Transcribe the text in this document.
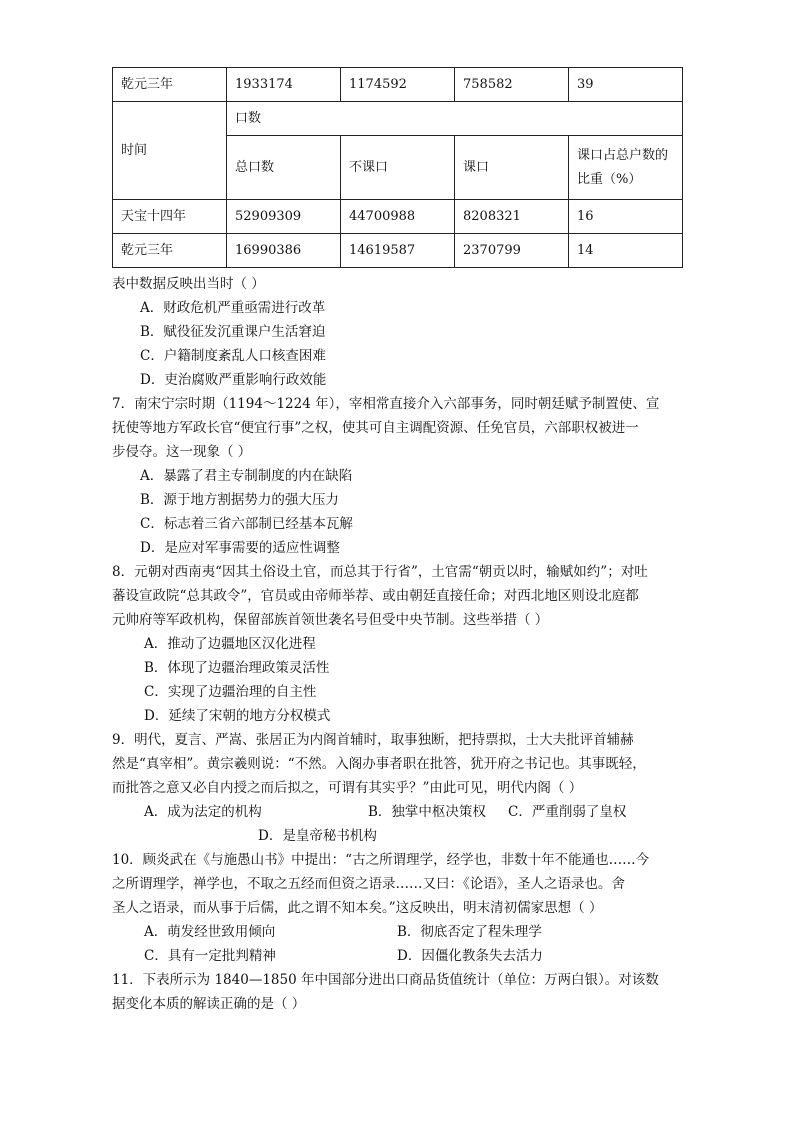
乾元三年	1933174	1174592	758582	39
时间	口数			
	总口数	不课口	课口	课口占总户数的比重（%）
天宝十四年	52909309	44700988	8208321	16
乾元三年	16990386	14619587	2370799	14
表中数据反映出当时（ ）
A．财政危机严重亟需进行改革
B．赋役征发沉重课户生活窘迫
C．户籍制度紊乱人口核查困难
D．吏治腐败严重影响行政效能
7．南宋宁宗时期（1194～1224 年），宰相常直接介入六部事务，同时朝廷赋予制置使、宣
抚使等地方军政长官“便宜行事”之权，使其可自主调配资源、任免官员，六部职权被进一
步侵夺。这一现象（ ）
A．暴露了君主专制制度的内在缺陷
B．源于地方割据势力的强大压力
C．标志着三省六部制已经基本瓦解
D．是应对军事需要的适应性调整
8．元朝对西南夷“因其土俗设土官，而总其于行省”，土官需“朝贡以时，输赋如约”；对吐
蕃设宣政院“总其政令”，官员或由帝师举荐、或由朝廷直接任命；对西北地区则设北庭都
元帅府等军政机构，保留部族首领世袭名号但受中央节制。这些举措（ ）
A．推动了边疆地区汉化进程
B．体现了边疆治理政策灵活性
C．实现了边疆治理的自主性
D．延续了宋朝的地方分权模式
9．明代，夏言、严嵩、张居正为内阁首辅时，取事独断，把持票拟，士大夫批评首辅赫
然是“真宰相”。黄宗羲则说：“不然。入阁办事者职在批答，犹开府之书记也。其事既轻，
而批答之意又必自内授之而后拟之，可谓有其实乎？”由此可见，明代内阁（ ）
A．成为法定的机构	B．独掌中枢决策权	C．严重削弱了皇权
D．是皇帝秘书机构
10．顾炎武在《与施愚山书》中提出：“古之所谓理学，经学也，非数十年不能通也……今
之所谓理学，禅学也，不取之五经而但资之语录……又曰：《论语》，圣人之语录也。舍
圣人之语录，而从事于后儒，此之谓不知本矣。”这反映出，明末清初儒家思想（ ）
A．萌发经世致用倾向	B．彻底否定了程朱理学
C．具有一定批判精神	D．因僵化教条失去活力
11．下表所示为 1840—1850 年中国部分进出口商品货值统计（单位：万两白银）。对该数
据变化本质的解读正确的是（ ）
